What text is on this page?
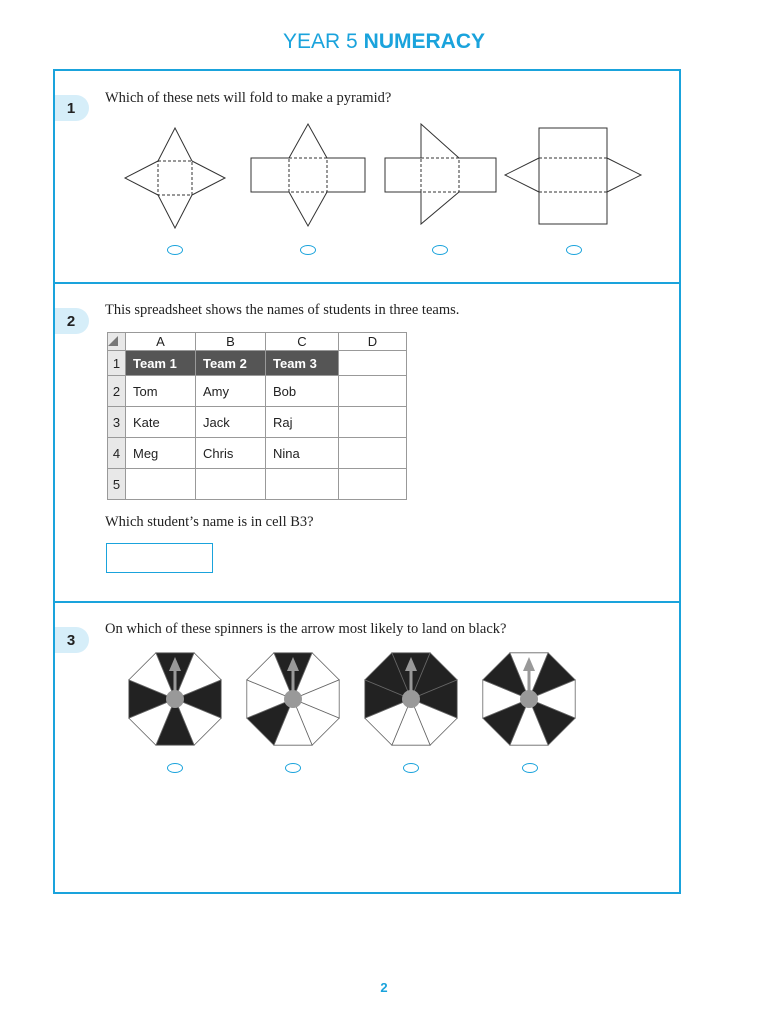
YEAR 5 NUMERACY
1
Which of these nets will fold to make a pyramid?
2
This spreadsheet shows the names of students in three teams.
	A	B	C	D
1	Team 1	Team 2	Team 3	
2	Tom	Amy	Bob	
3	Kate	Jack	Raj	
4	Meg	Chris	Nina	
5				
Which student’s name is in cell B3?
3
On which of these spinners is the arrow most likely to land on black?
2
